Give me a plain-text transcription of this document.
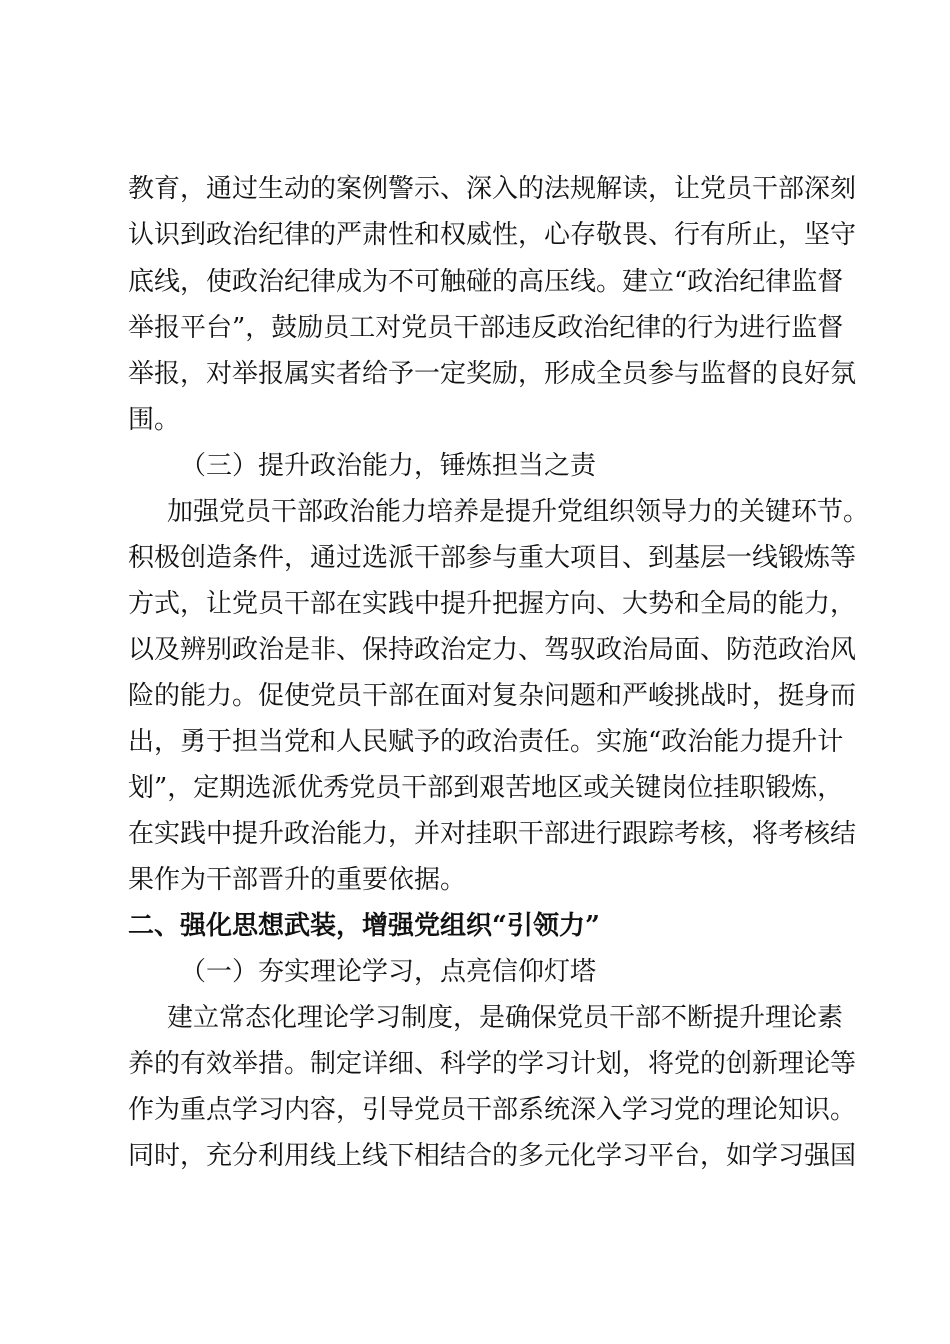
教育，通过生动的案例警示、深入的法规解读，让党员干部深刻
认识到政治纪律的严肃性和权威性，心存敬畏、行有所止，坚守
底线，使政治纪律成为不可触碰的高压线。建立“政治纪律监督
举报平台”，鼓励员工对党员干部违反政治纪律的行为进行监督
举报，对举报属实者给予一定奖励，形成全员参与监督的良好氛
围。
（三）提升政治能力，锤炼担当之责
加强党员干部政治能力培养是提升党组织领导力的关键环节。
积极创造条件，通过选派干部参与重大项目、到基层一线锻炼等
方式，让党员干部在实践中提升把握方向、大势和全局的能力，
以及辨别政治是非、保持政治定力、驾驭政治局面、防范政治风
险的能力。促使党员干部在面对复杂问题和严峻挑战时，挺身而
出，勇于担当党和人民赋予的政治责任。实施“政治能力提升计
划”，定期选派优秀党员干部到艰苦地区或关键岗位挂职锻炼，
在实践中提升政治能力，并对挂职干部进行跟踪考核，将考核结
果作为干部晋升的重要依据。
二、强化思想武装，增强党组织“引领力”
（一）夯实理论学习，点亮信仰灯塔
建立常态化理论学习制度，是确保党员干部不断提升理论素
养的有效举措。制定详细、科学的学习计划，将党的创新理论等
作为重点学习内容，引导党员干部系统深入学习党的理论知识。
同时，充分利用线上线下相结合的多元化学习平台，如学习强国
